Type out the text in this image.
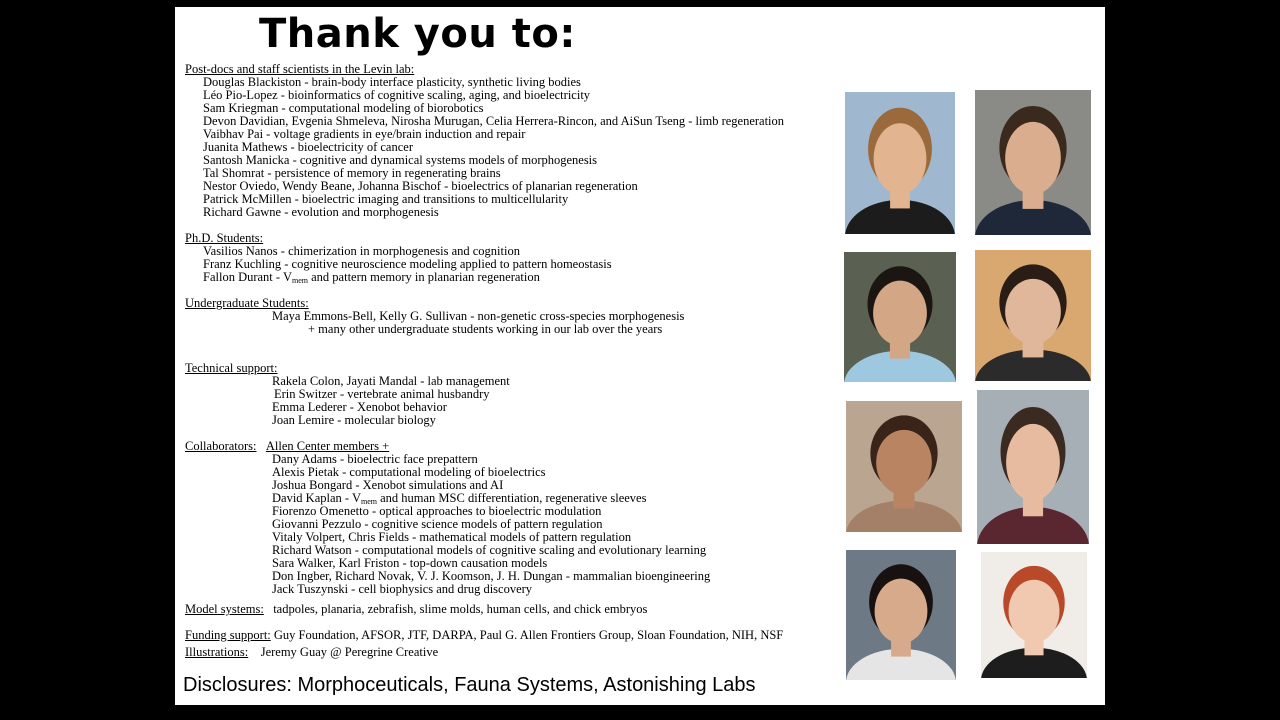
Thank you to:
Post-docs and staff scientists in the Levin lab:
Douglas Blackiston - brain-body interface plasticity, synthetic living bodies
Léo Pio-Lopez - bioinformatics of cognitive scaling, aging, and bioelectricity
Sam Kriegman - computational modeling of biorobotics
Devon Davidian, Evgenia Shmeleva, Nirosha Murugan, Celia Herrera-Rincon, and AiSun Tseng - limb regeneration
Vaibhav Pai - voltage gradients in eye/brain induction and repair
Juanita Mathews - bioelectricity of cancer
Santosh Manicka - cognitive and dynamical systems models of morphogenesis
Tal Shomrat - persistence of memory in regenerating brains
Nestor Oviedo, Wendy Beane, Johanna Bischof - bioelectrics of planarian regeneration
Patrick McMillen - bioelectric imaging and transitions to multicellularity
Richard Gawne - evolution and morphogenesis
Ph.D. Students:
Vasilios Nanos - chimerization in morphogenesis and cognition
Franz Kuchling - cognitive neuroscience modeling applied to pattern homeostasis
Fallon Durant - Vmem and pattern memory in planarian regeneration
Undergraduate Students:
Maya Emmons-Bell, Kelly G. Sullivan - non-genetic cross-species morphogenesis
+ many other undergraduate students working in our lab over the years
Technical support:
Rakela Colon, Jayati Mandal - lab management
Erin Switzer - vertebrate animal husbandry
Emma Lederer - Xenobot behavior
Joan Lemire - molecular biology
Collaborators: Allen Center members +
Dany Adams - bioelectric face prepattern
Alexis Pietak - computational modeling of bioelectrics
Joshua Bongard - Xenobot simulations and AI
David Kaplan - Vmem and human MSC differentiation, regenerative sleeves
Fiorenzo Omenetto - optical approaches to bioelectric modulation
Giovanni Pezzulo - cognitive science models of pattern regulation
Vitaly Volpert, Chris Fields - mathematical models of pattern regulation
Richard Watson - computational models of cognitive scaling and evolutionary learning
Sara Walker, Karl Friston - top-down causation models
Don Ingber, Richard Novak, V. J. Koomson, J. H. Dungan - mammalian bioengineering
Jack Tuszynski - cell biophysics and drug discovery
Model systems: tadpoles, planaria, zebrafish, slime molds, human cells, and chick embryos
Funding support: Guy Foundation, AFSOR, JTF, DARPA, Paul G. Allen Frontiers Group, Sloan Foundation, NIH, NSF
Illustrations: Jeremy Guay @ Peregrine Creative
Disclosures: Morphoceuticals, Fauna Systems, Astonishing Labs
